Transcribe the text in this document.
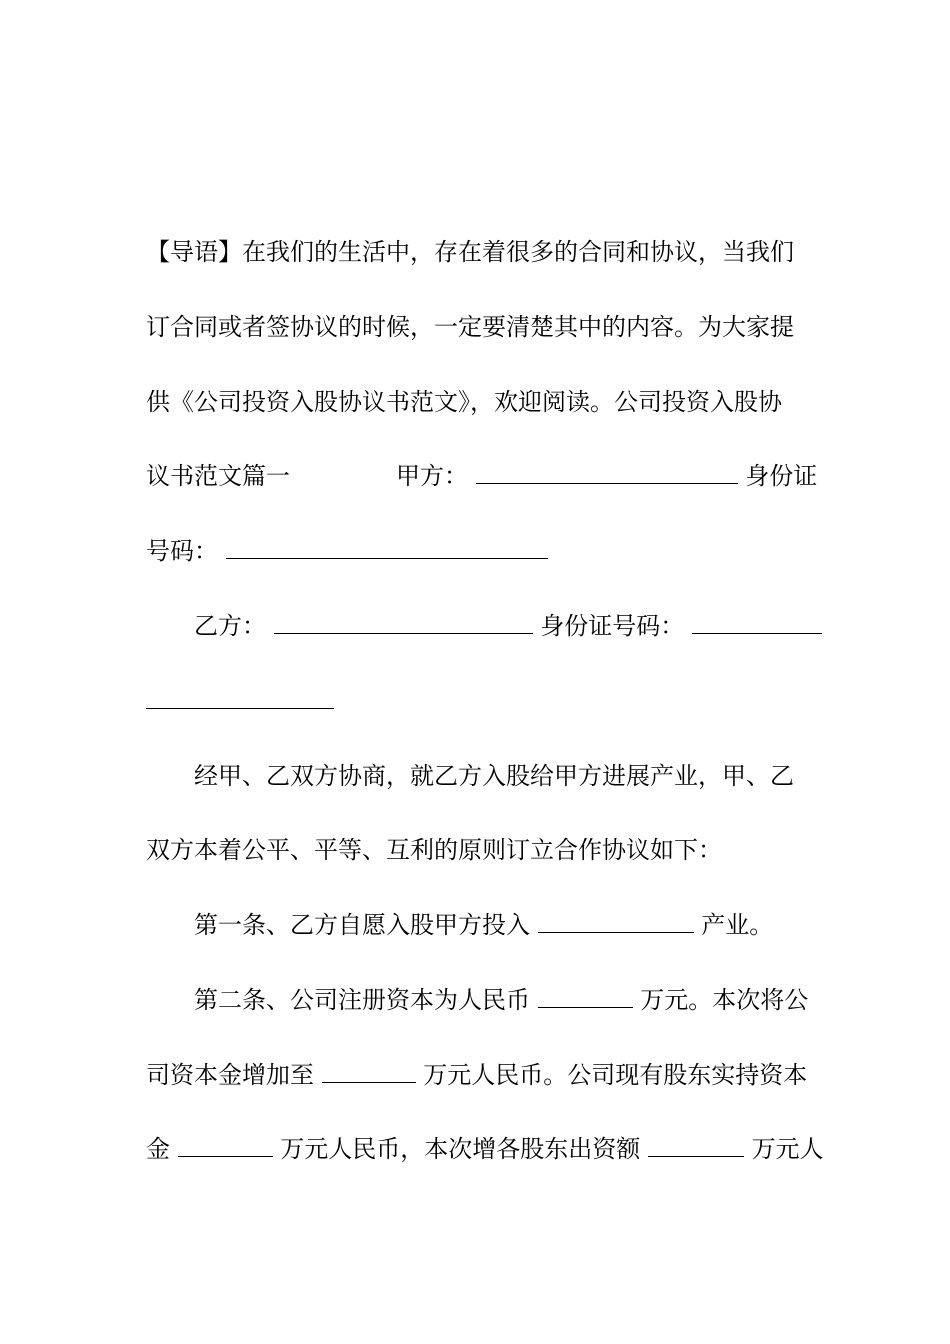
【导语】在我们的生活中，存在着很多的合同和协议，当我们
订合同或者签协议的时候，一定要清楚其中的内容。为大家提
供《公司投资入股协议书范文》，欢迎阅读。公司投资入股协
议书范文篇一	甲方：	身份证
号码：
乙方：	身份证号码：
经甲、乙双方协商，就乙方入股给甲方进展产业，甲、乙
双方本着公平、平等、互利的原则订立合作协议如下：
第一条、乙方自愿入股甲方投入	产业。
第二条、公司注册资本为人民币	万元。本次将公
司资本金增加至	万元人民币。公司现有股东实持资本
金	万元人民币，本次增各股东出资额	万元人
